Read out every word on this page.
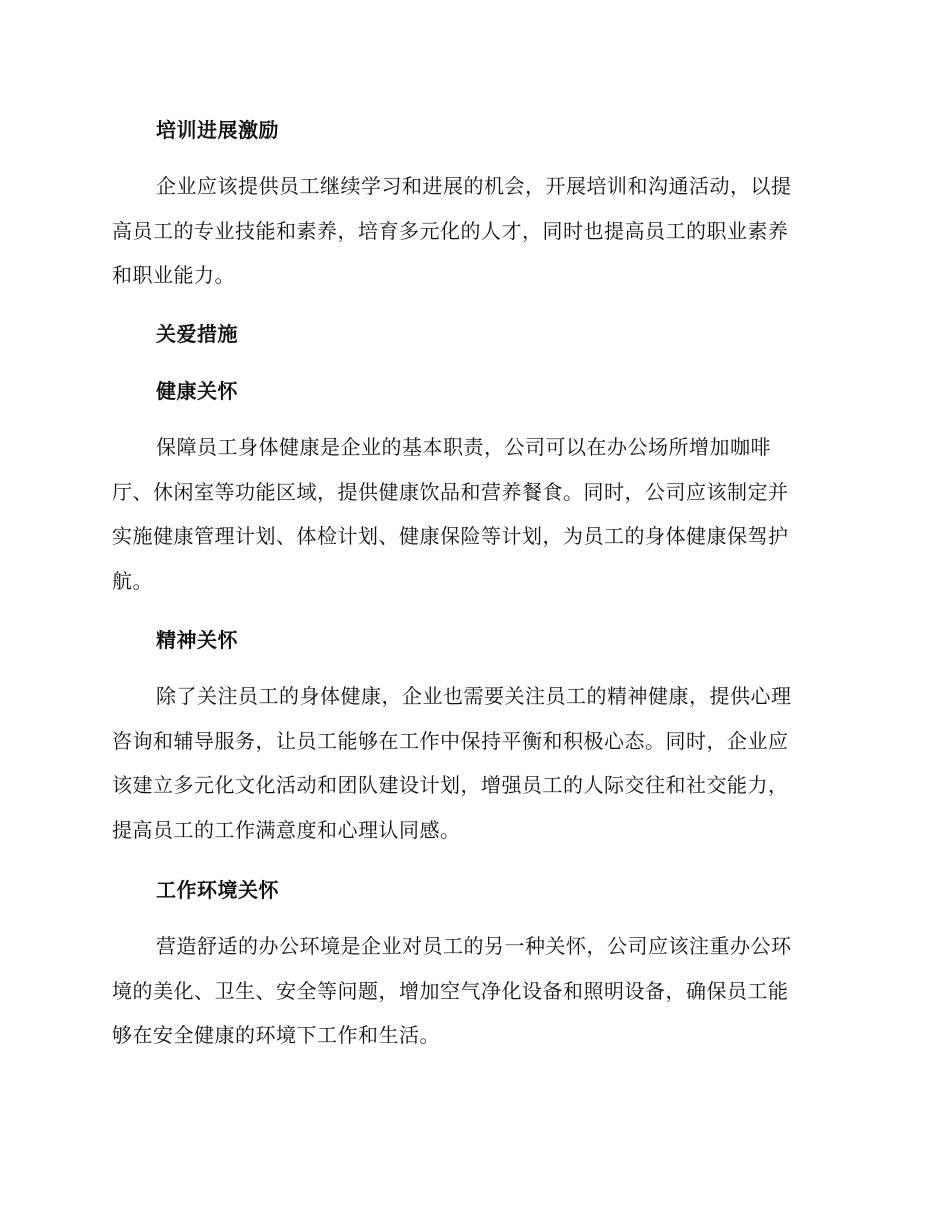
培训进展激励
企业应该提供员工继续学习和进展的机会，开展培训和沟通活动，以提
高员工的专业技能和素养，培育多元化的人才，同时也提高员工的职业素养
和职业能力。
关爱措施
健康关怀
保障员工身体健康是企业的基本职责，公司可以在办公场所增加咖啡
厅、休闲室等功能区域，提供健康饮品和营养餐食。同时，公司应该制定并
实施健康管理计划、体检计划、健康保险等计划，为员工的身体健康保驾护
航。
精神关怀
除了关注员工的身体健康，企业也需要关注员工的精神健康，提供心理
咨询和辅导服务，让员工能够在工作中保持平衡和积极心态。同时，企业应
该建立多元化文化活动和团队建设计划，增强员工的人际交往和社交能力，
提高员工的工作满意度和心理认同感。
工作环境关怀
营造舒适的办公环境是企业对员工的另一种关怀，公司应该注重办公环
境的美化、卫生、安全等问题，增加空气净化设备和照明设备，确保员工能
够在安全健康的环境下工作和生活。
